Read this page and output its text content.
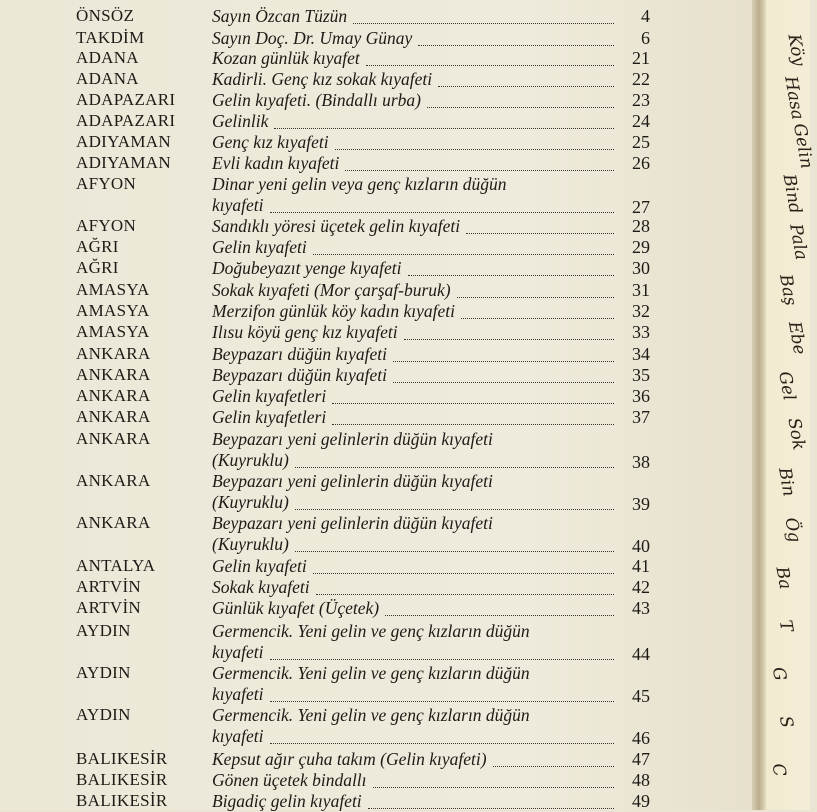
Köy
Hasa
Gelin
Bind
Pala
Baş
Ebe
Gel
Sok
Bin
Ög
Ba
T
G
S
C
ÖNSÖZ	Sayın Özcan Tüzün	4
TAKDİM	Sayın Doç. Dr. Umay Günay	6
ADANA	Kozan günlük kıyafet	21
ADANA	Kadirli. Genç kız sokak kıyafeti	22
ADAPAZARI Gelin kıyafeti. (Bindallı urba)	23
ADAPAZARI Gelinlik	24
ADIYAMAN Genç kız kıyafeti	25
ADIYAMAN Evli kadın kıyafeti	26
AFYON	Dinar yeni gelin veya genç kızların düğün
kıyafeti	27
AFYON	Sandıklı yöresi üçetek gelin kıyafeti	28
AĞRI	Gelin kıyafeti	29
AĞRI	Doğubeyazıt yenge kıyafeti	30
AMASYA	Sokak kıyafeti (Mor çarşaf-buruk)	31
AMASYA	Merzifon günlük köy kadın kıyafeti	32
AMASYA	Ilısu köyü genç kız kıyafeti	33
ANKARA	Beypazarı düğün kıyafeti	34
ANKARA	Beypazarı düğün kıyafeti	35
ANKARA	Gelin kıyafetleri	36
ANKARA	Gelin kıyafetleri	37
ANKARA	Beypazarı yeni gelinlerin düğün kıyafeti
(Kuyruklu)	38
ANKARA	Beypazarı yeni gelinlerin düğün kıyafeti
(Kuyruklu)	39
ANKARA	Beypazarı yeni gelinlerin düğün kıyafeti
(Kuyruklu)	40
ANTALYA	Gelin kıyafeti	41
ARTVİN	Sokak kıyafeti	42
ARTVİN	Günlük kıyafet (Üçetek)	43
AYDIN	Germencik. Yeni gelin ve genç kızların düğün
kıyafeti	44
AYDIN	Germencik. Yeni gelin ve genç kızların düğün
kıyafeti	45
AYDIN	Germencik. Yeni gelin ve genç kızların düğün
kıyafeti	46
BALIKESİR	Kepsut ağır çuha takım (Gelin kıyafeti)	47
BALIKESİR	Gönen üçetek bindallı	48
BALIKESİR	Bigadiç gelin kıyafeti	49
